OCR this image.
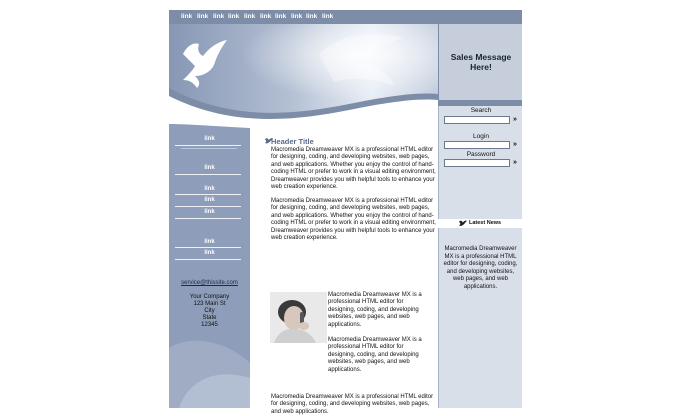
link link link link link link link link link link
Sales Message
Here!
Search
»
Login
»
Password
»
Latest News
Macromedia Dreamweaver MX is a professional HTML editor for designing, coding, and developing websites, web pages, and web applications.
link
link
link
link
link
link
link
service@thissite.com
Your Company
123 Main St
City
State
12345
Header Title
Macromedia Dreamweaver MX is a professional HTML editor for designing, coding, and developing websites, web pages, and web applications. Whether you enjoy the control of hand-coding HTML or prefer to work in a visual editing environment, Dreamweaver provides you with helpful tools to enhance your web creation experience.
Macromedia Dreamweaver MX is a professional HTML editor for designing, coding, and developing websites, web pages, and web applications. Whether you enjoy the control of hand-coding HTML or prefer to work in a visual editing environment, Dreamweaver provides you with helpful tools to enhance your web creation experience.
Macromedia Dreamweaver MX is a professional HTML editor for designing, coding, and developing websites, web pages, and web applications.
Macromedia Dreamweaver MX is a professional HTML editor for designing, coding, and developing websites, web pages, and web applications.
Macromedia Dreamweaver MX is a professional HTML editor for designing, coding, and developing websites, web pages, and web applications.
